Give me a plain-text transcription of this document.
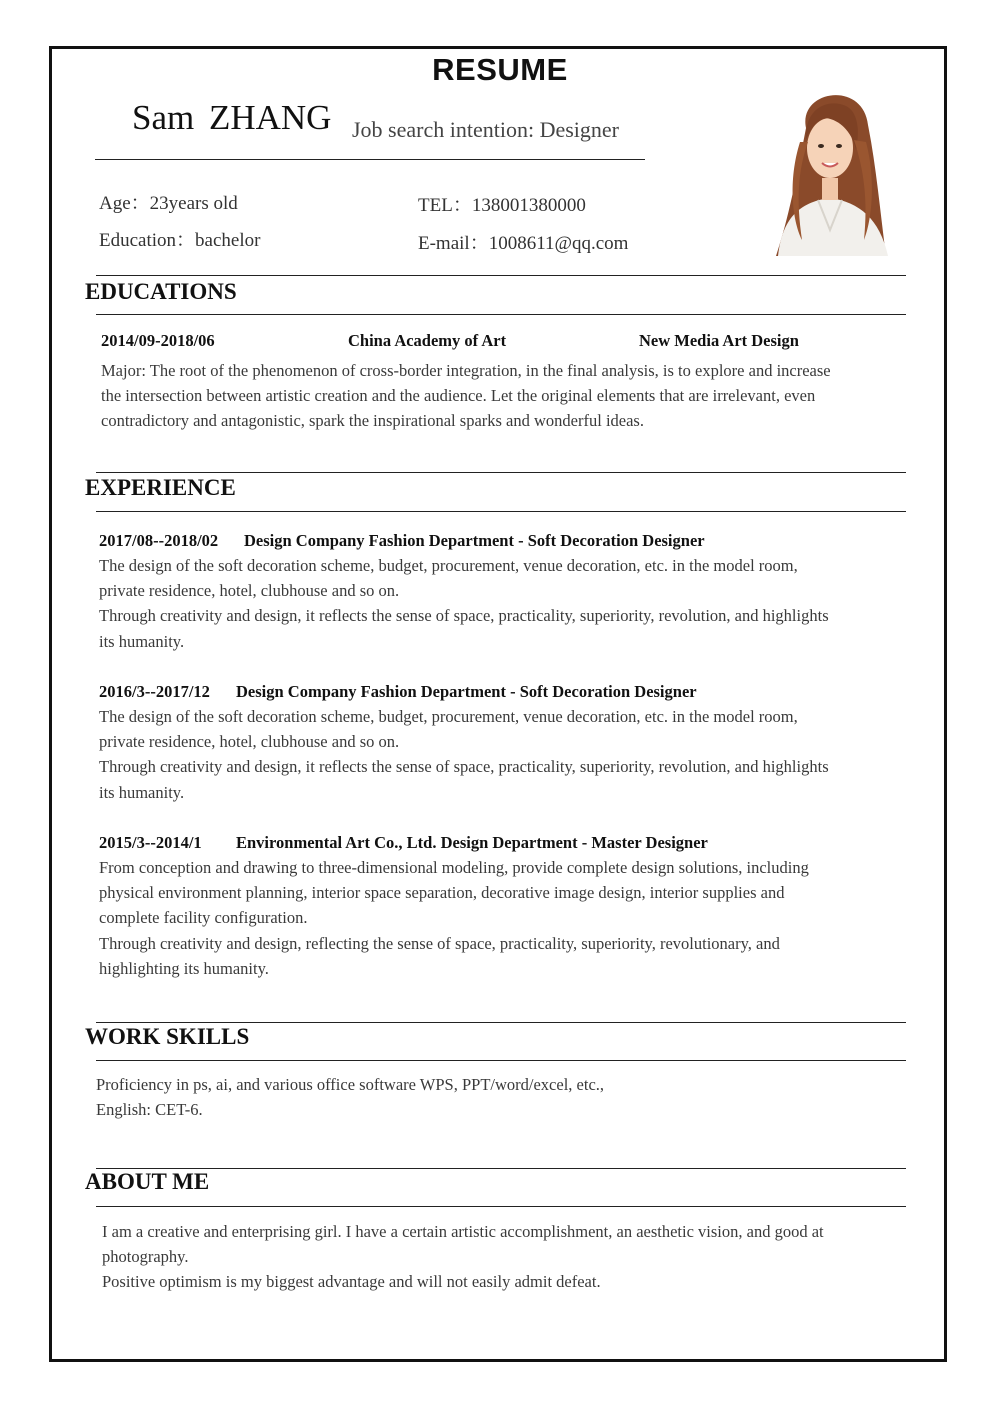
RESUME
Sam ZHANG Job search intention: Designer
Age：23years old
Education：bachelor
TEL：138001380000
E-mail：1008611@qq.com
EDUCATIONS
2014/09-2018/06	China Academy of Art	New Media Art Design
Major: The root of the phenomenon of cross-border integration, in the final analysis, is to explore and increase
the intersection between artistic creation and the audience. Let the original elements that are irrelevant, even
contradictory and antagonistic, spark the inspirational sparks and wonderful ideas.
EXPERIENCE
2017/08--2018/02 Design Company Fashion Department - Soft Decoration Designer
The design of the soft decoration scheme, budget, procurement, venue decoration, etc. in the model room,
private residence, hotel, clubhouse and so on.
Through creativity and design, it reflects the sense of space, practicality, superiority, revolution, and highlights
its humanity.
2016/3--2017/12 Design Company Fashion Department - Soft Decoration Designer
The design of the soft decoration scheme, budget, procurement, venue decoration, etc. in the model room,
private residence, hotel, clubhouse and so on.
Through creativity and design, it reflects the sense of space, practicality, superiority, revolution, and highlights
its humanity.
2015/3--2014/1 Environmental Art Co., Ltd. Design Department - Master Designer
From conception and drawing to three-dimensional modeling, provide complete design solutions, including
physical environment planning, interior space separation, decorative image design, interior supplies and
complete facility configuration.
Through creativity and design, reflecting the sense of space, practicality, superiority, revolutionary, and
highlighting its humanity.
WORK SKILLS
Proficiency in ps, ai, and various office software WPS, PPT/word/excel, etc.,
English: CET-6.
ABOUT ME
I am a creative and enterprising girl. I have a certain artistic accomplishment, an aesthetic vision, and good at
photography.
Positive optimism is my biggest advantage and will not easily admit defeat.
